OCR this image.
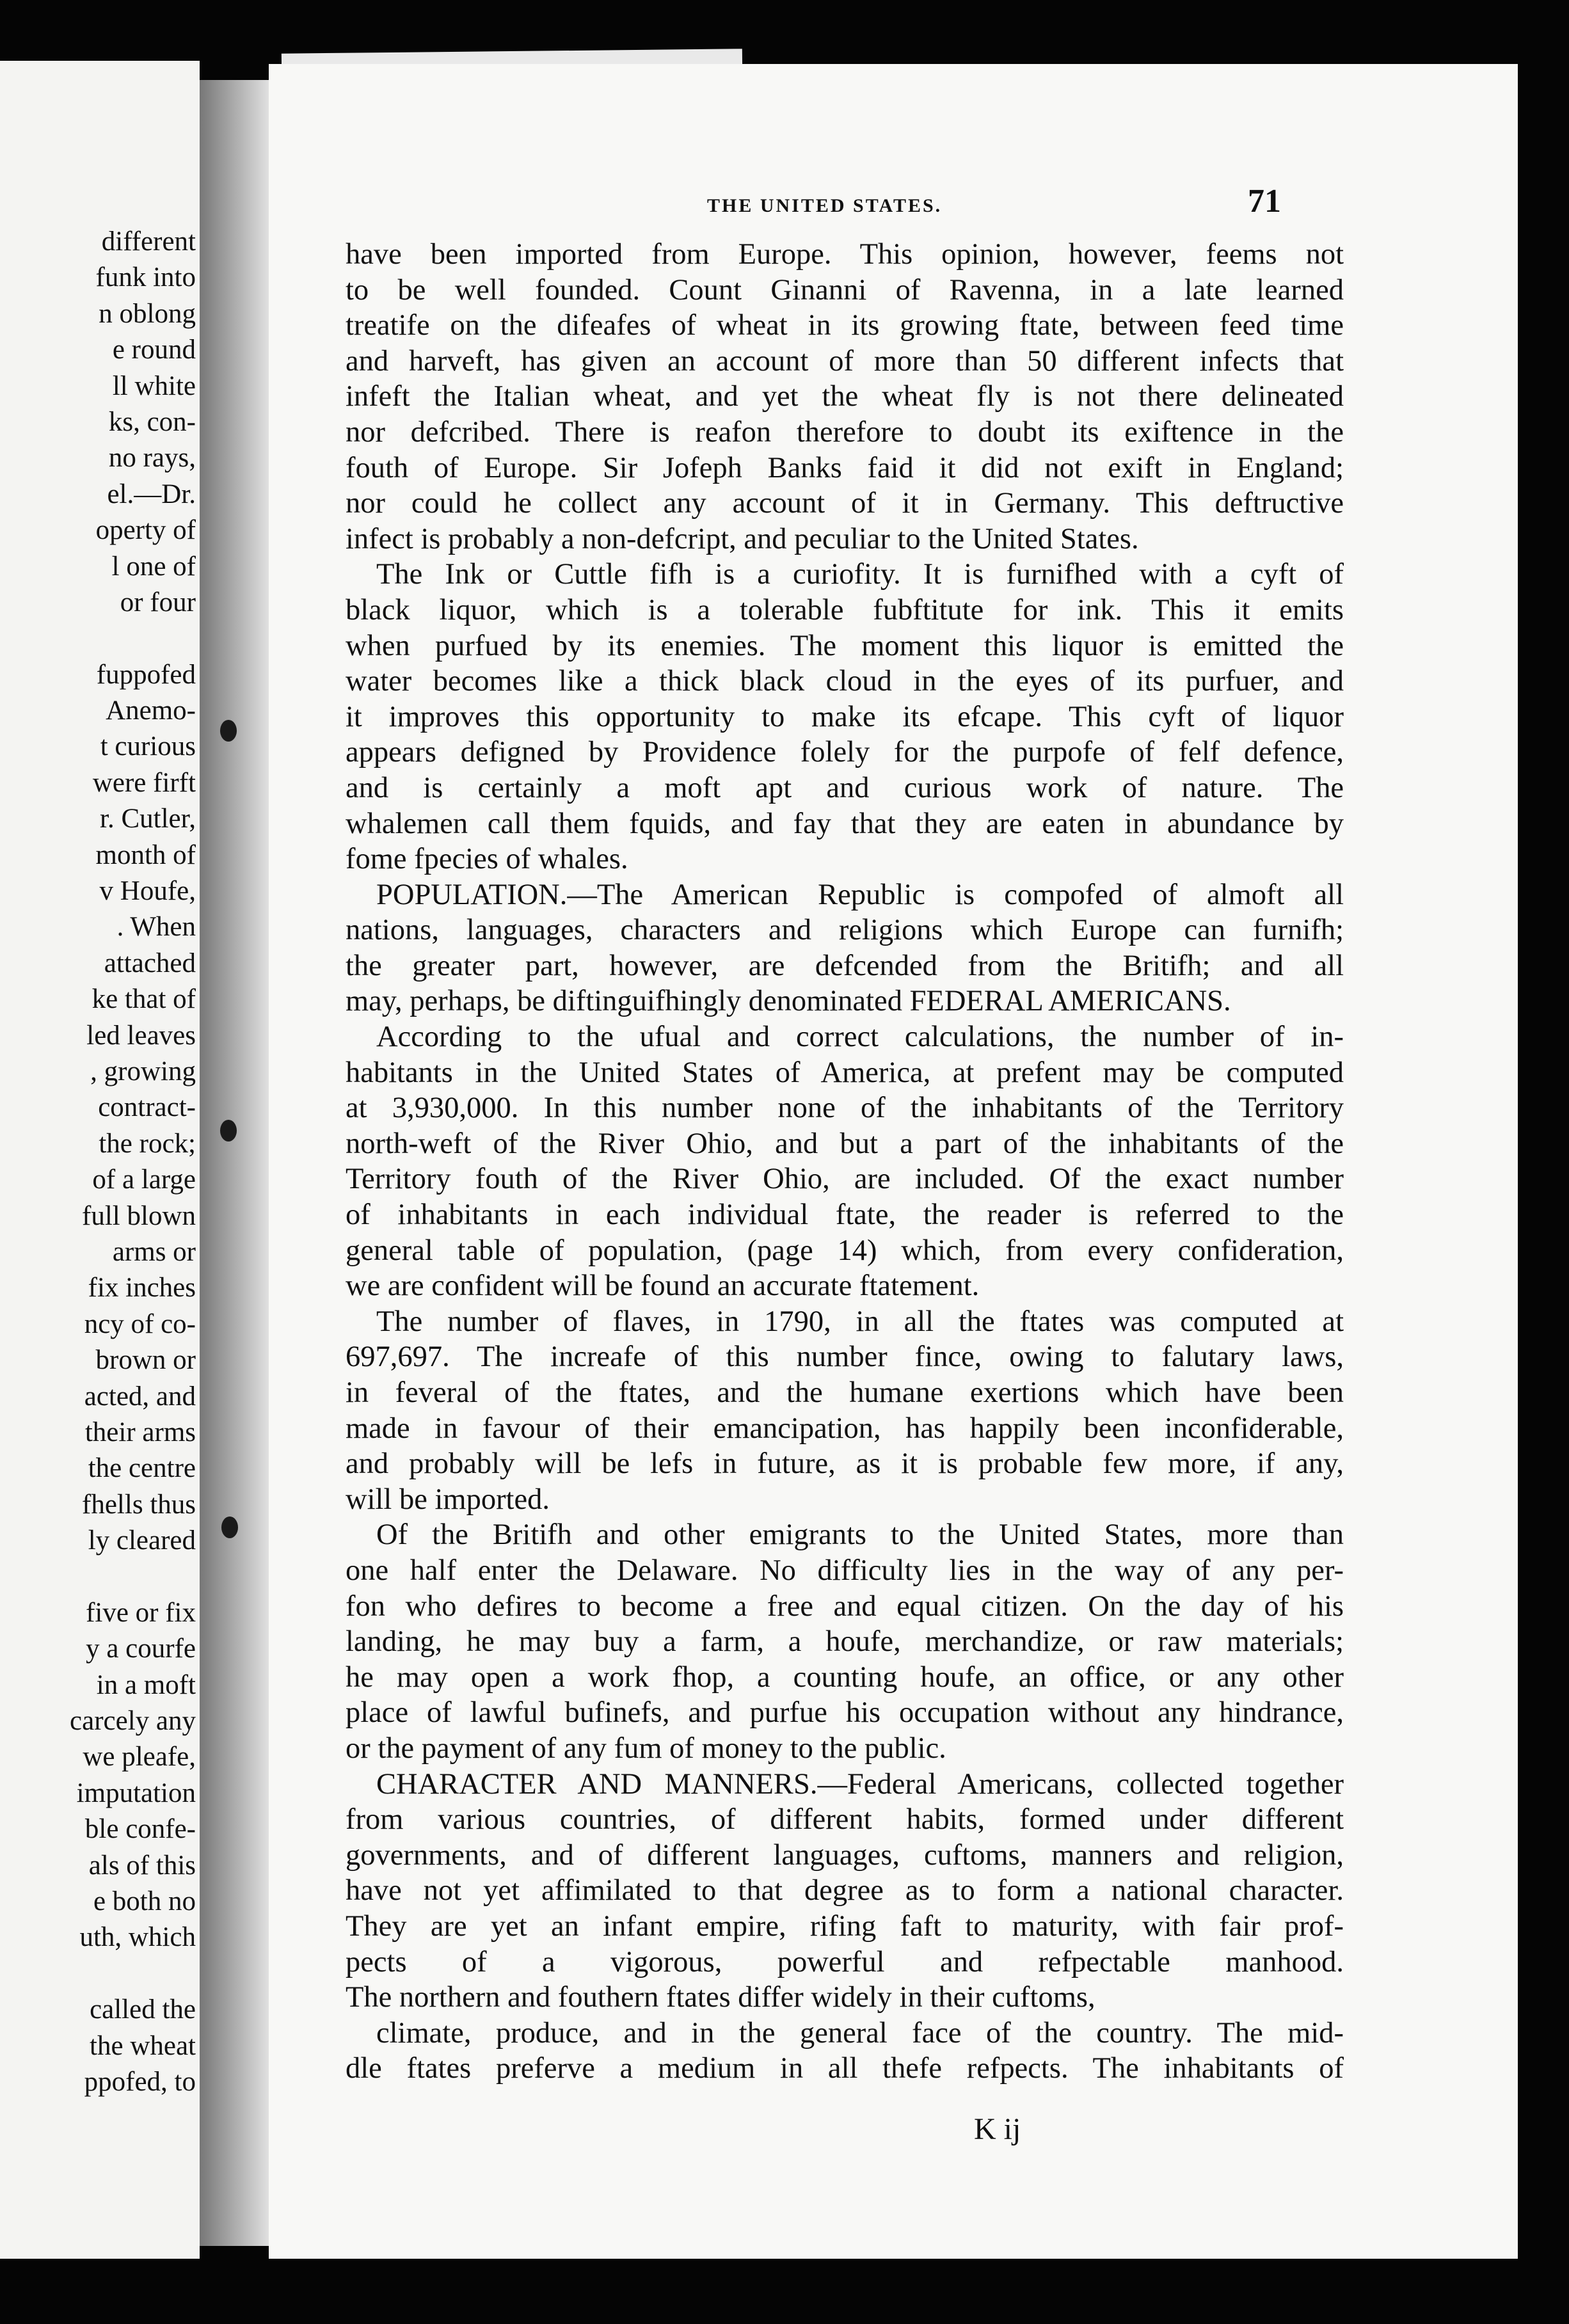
different
funk into
n oblong
e round
ll white
ks, con-
no rays,
el.—Dr.
operty of
l one of
or four
fuppofed
Anemo-
t curious
were firft
r. Cutler,
month of
v Houfe,
. When
attached
ke that of
led leaves
, growing
contract-
the rock;
of a large
full blown
arms or
fix inches
ncy of co-
brown or
acted, and
their arms
the centre
fhells thus
ly cleared
five or fix
y a courfe
in a moft
carcely any
we pleafe,
imputation
ble confe-
als of this
e both no
uth, which
called the
the wheat
ppofed, to
THE UNITED STATES.	71
have been imported from Europe. This opinion, however, feems not
to be well founded. Count Ginanni of Ravenna, in a late learned
treatife on the difeafes of wheat in its growing ftate, between feed time
and harveft, has given an account of more than 50 different infects that
infeft the Italian wheat, and yet the wheat fly is not there delineated
nor defcribed. There is reafon therefore to doubt its exiftence in the
fouth of Europe. Sir Jofeph Banks faid it did not exift in England;
nor could he collect any account of it in Germany. This deftructive
infect is probably a non-defcript, and peculiar to the United States.
The Ink or Cuttle fifh is a curiofity. It is furnifhed with a cyft of
black liquor, which is a tolerable fubftitute for ink. This it emits
when purfued by its enemies. The moment this liquor is emitted the
water becomes like a thick black cloud in the eyes of its purfuer, and
it improves this opportunity to make its efcape. This cyft of liquor
appears defigned by Providence folely for the purpofe of felf defence,
and is certainly a moft apt and curious work of nature. The
whalemen call them fquids, and fay that they are eaten in abundance by
fome fpecies of whales.
POPULATION.—The American Republic is compofed of almoft all
nations, languages, characters and religions which Europe can furnifh;
the greater part, however, are defcended from the Britifh; and all
may, perhaps, be diftinguifhingly denominated FEDERAL AMERICANS.
According to the ufual and correct calculations, the number of in-
habitants in the United States of America, at prefent may be computed
at 3,930,000. In this number none of the inhabitants of the Territory
north-weft of the River Ohio, and but a part of the inhabitants of the
Territory fouth of the River Ohio, are included. Of the exact number
of inhabitants in each individual ftate, the reader is referred to the
general table of population, (page 14) which, from every confideration,
we are confident will be found an accurate ftatement.
The number of flaves, in 1790, in all the ftates was computed at
697,697. The increafe of this number fince, owing to falutary laws,
in feveral of the ftates, and the humane exertions which have been
made in favour of their emancipation, has happily been inconfiderable,
and probably will be lefs in future, as it is probable few more, if any,
will be imported.
Of the Britifh and other emigrants to the United States, more than
one half enter the Delaware. No difficulty lies in the way of any per-
fon who defires to become a free and equal citizen. On the day of his
landing, he may buy a farm, a houfe, merchandize, or raw materials;
he may open a work fhop, a counting houfe, an office, or any other
place of lawful bufinefs, and purfue his occupation without any hindrance,
or the payment of any fum of money to the public.
CHARACTER AND MANNERS.—Federal Americans, collected together
from various countries, of different habits, formed under different
governments, and of different languages, cuftoms, manners and religion,
have not yet affimilated to that degree as to form a national character.
They are yet an infant empire, rifing faft to maturity, with fair prof-
pects of a vigorous, powerful and refpectable manhood.
The northern and fouthern ftates differ widely in their cuftoms,
climate, produce, and in the general face of the country. The mid-
dle ftates preferve a medium in all thefe refpects. The inhabitants of
K ij
